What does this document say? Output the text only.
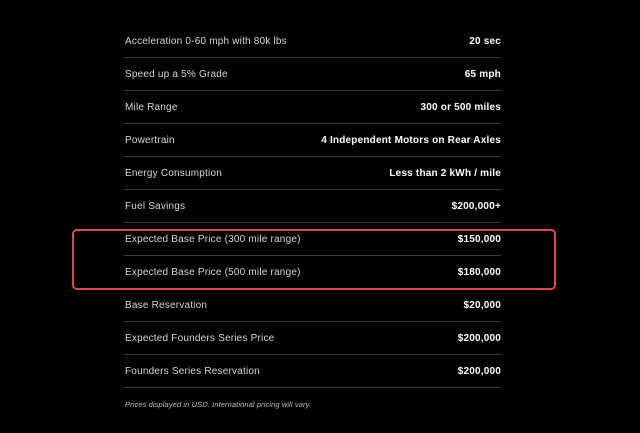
Acceleration 0-60 mph with 80k lbs	20 sec
Speed up a 5% Grade	65 mph
Mile Range	300 or 500 miles
Powertrain	4 Independent Motors on Rear Axles
Energy Consumption	Less than 2 kWh / mile
Fuel Savings	$200,000+
Expected Base Price (300 mile range)	$150,000
Expected Base Price (500 mile range)	$180,000
Base Reservation	$20,000
Expected Founders Series Price	$200,000
Founders Series Reservation	$200,000
Prices displayed in USD. International pricing will vary.
